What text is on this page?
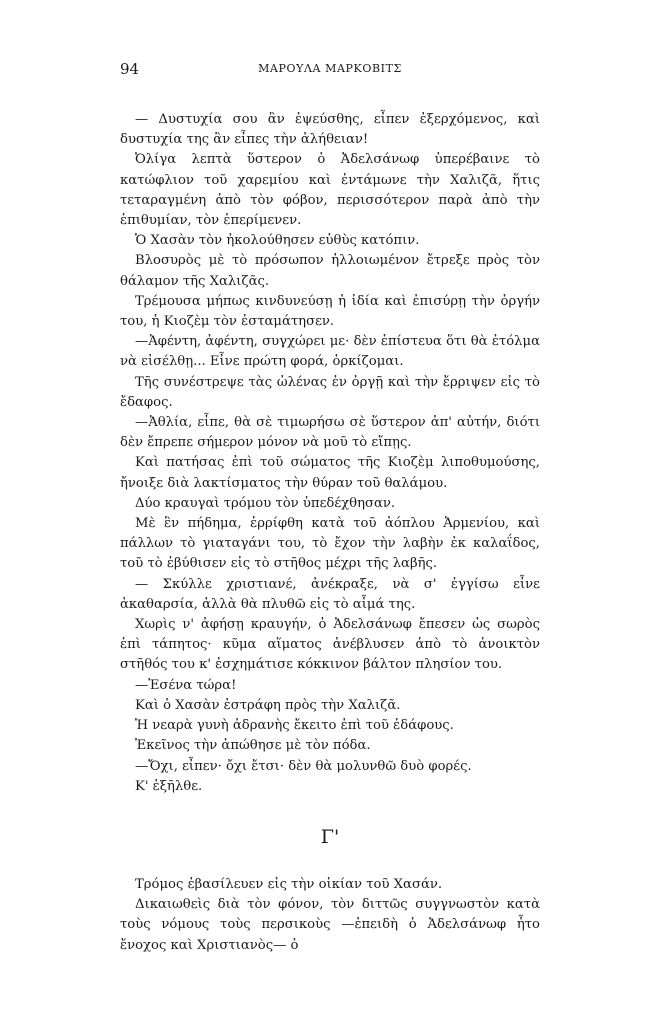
94	ΜΑΡΟΥΛΑ ΜΑΡΚΟΒΙΤΣ

— Δυστυχία σου ἂν ἐψεύσθης, εἶπεν ἐξερχόμενος, καὶ δυστυχία της ἂν εἶπες τὴν ἀλήθειαν!

Ὀλίγα λεπτὰ ὕστερον ὁ Ἀδελσάνωφ ὑπερέβαινε τὸ κατώφλιον τοῦ χαρεμίου καὶ ἐντάμωνε τὴν Χαλιζᾶ, ἥτις τεταραγμένη ἀπὸ τὸν φόβον, περισσότερον παρὰ ἀπὸ τὴν ἐπιθυμίαν, τὸν ἐπερίμενεν.

Ὁ Χασὰν τὸν ἠκολούθησεν εὐθὺς κατόπιν.

Βλοσυρὸς μὲ τὸ πρόσωπον ἠλλοιωμένον ἔτρεξε πρὸς τὸν θάλαμον τῆς Χαλιζᾶς.

Τρέμουσα μήπως κινδυνεύσῃ ἡ ἰδία καὶ ἐπισύρῃ τὴν ὀργήν του, ἡ Κιοζὲμ τὸν ἐσταμάτησεν.

—Ἀφέντη, ἀφέντη, συγχώρει με· δὲν ἐπίστευα ὅτι θὰ ἐτόλμα νὰ εἰσέλθῃ... Εἶνε πρώτη φορά, ὁρκίζομαι.

Τῆς συνέστρεψε τὰς ὠλένας ἐν ὀργῇ καὶ τὴν ἔρριψεν εἰς τὸ ἔδαφος.

—Ἀθλία, εἶπε, θὰ σὲ τιμωρήσω σὲ ὕστερον ἀπ' αὐτήν, διότι δὲν ἔπρεπε σήμερον μόνον νὰ μοῦ τὸ εἴπῃς.

Καὶ πατήσας ἐπὶ τοῦ σώματος τῆς Κιοζὲμ λιποθυμούσης, ἤνοιξε διὰ λακτίσματος τὴν θύραν τοῦ θαλάμου.

Δύο κραυγαὶ τρόμου τὸν ὑπεδέχθησαν.

Μὲ ἓν πήδημα, ἐρρίφθη κατὰ τοῦ ἀόπλου Ἀρμενίου, καὶ πάλλων τὸ γιαταγάνι του, τὸ ἔχον τὴν λαβὴν ἐκ καλαΐδος, τοῦ τὸ ἐβύθισεν εἰς τὸ στῆθος μέχρι τῆς λαβῆς.

— Σκύλλε χριστιανέ, ἀνέκραξε, νὰ σ' ἐγγίσω εἶνε ἀκαθαρσία, ἀλλὰ θὰ πλυθῶ εἰς τὸ αἷμά της.

Χωρὶς ν' ἀφήσῃ κραυγήν, ὁ Ἀδελσάνωφ ἔπεσεν ὡς σωρὸς ἐπὶ τάπητος· κῦμα αἵματος ἀνέβλυσεν ἀπὸ τὸ ἀνοικτὸν στῆθός του κ' ἐσχημάτισε κόκκινον βάλτον πλησίον του.

—Ἐσένα τώρα!

Καὶ ὁ Χασὰν ἐστράφη πρὸς τὴν Χαλιζᾶ.

Ἡ νεαρὰ γυνὴ ἀδρανὴς ἔκειτο ἐπὶ τοῦ ἐδάφους.

Ἐκεῖνος τὴν ἀπώθησε μὲ τὸν πόδα.

—Ὄχι, εἶπεν· ὄχι ἔτσι· δὲν θὰ μολυνθῶ δυὸ φορές.

Κ' ἐξῆλθε.

Γ'

Τρόμος ἐβασίλευεν εἰς τὴν οἰκίαν τοῦ Χασάν.

Δικαιωθεὶς διὰ τὸν φόνον, τὸν διττῶς συγγνωστὸν κατὰ τοὺς νόμους τοὺς περσικοὺς —ἐπειδὴ ὁ Ἀδελσάνωφ ἦτο ἔνοχος καὶ Χριστιανὸς— ὁ
